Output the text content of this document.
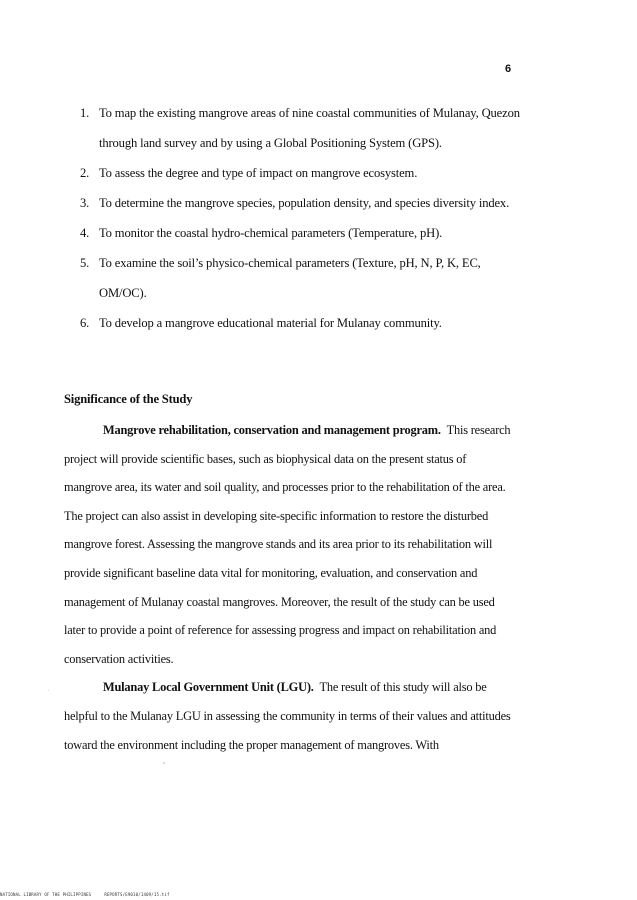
6
1. To map the existing mangrove areas of nine coastal communities of Mulanay, Quezon through land survey and by using a Global Positioning System (GPS).
2. To assess the degree and type of impact on mangrove ecosystem.
3. To determine the mangrove species, population density, and species diversity index.
4. To monitor the coastal hydro-chemical parameters (Temperature, pH).
5. To examine the soil’s physico-chemical parameters (Texture, pH, N, P, K, EC, OM/OC).
6. To develop a mangrove educational material for Mulanay community.
Significance of the Study

Mangrove rehabilitation, conservation and management program. This research project will provide scientific bases, such as biophysical data on the present status of mangrove area, its water and soil quality, and processes prior to the rehabilitation of the area. The project can also assist in developing site-specific information to restore the disturbed mangrove forest. Assessing the mangrove stands and its area prior to its rehabilitation will provide significant baseline data vital for monitoring, evaluation, and conservation and management of Mulanay coastal mangroves. Moreover, the result of the study can be used later to provide a point of reference for assessing progress and impact on rehabilitation and conservation activities.

Mulanay Local Government Unit (LGU). The result of this study will also be helpful to the Mulanay LGU in assessing the community in terms of their values and attitudes toward the environment including the proper management of mangroves. With

NATIONAL LIBRARY OF THE PHILIPPINES	REPORTS/E9010/1409/15.tif
